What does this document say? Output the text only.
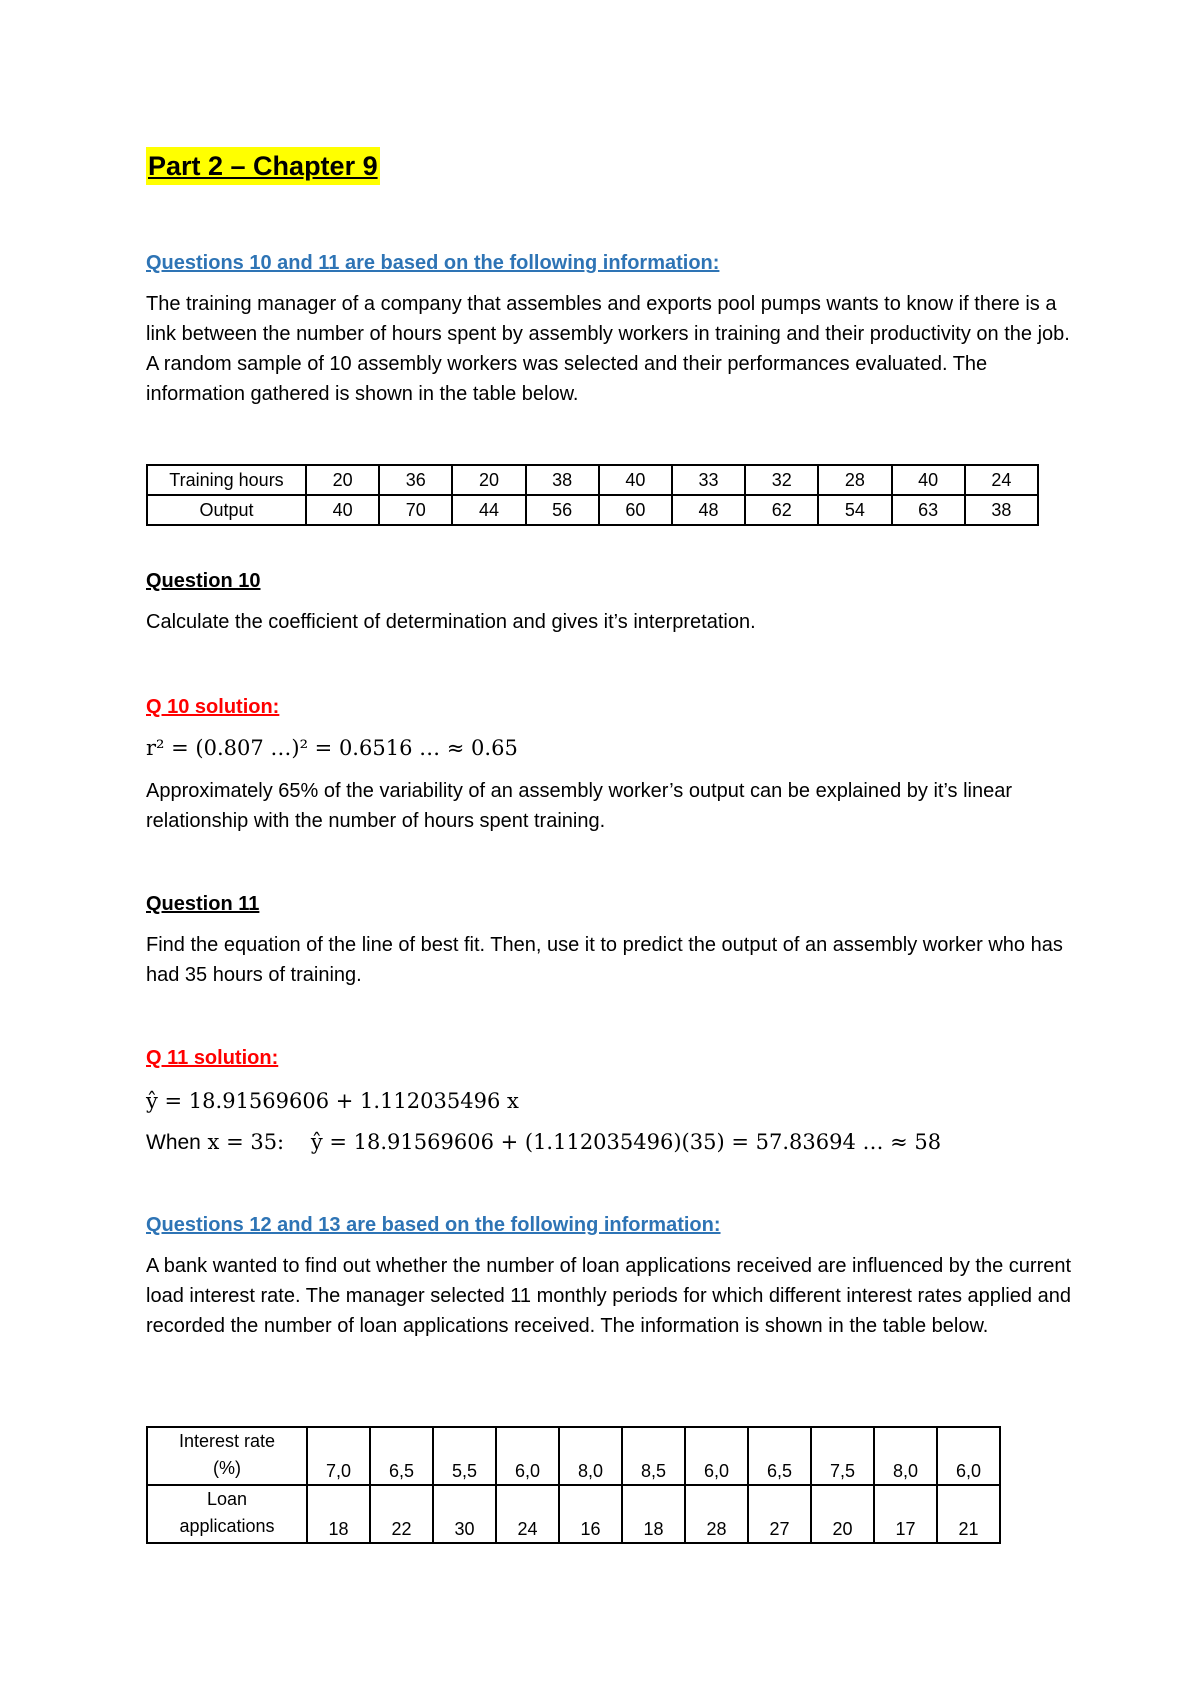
Part 2 – Chapter 9
Questions 10 and 11 are based on the following information:

The training manager of a company that assembles and exports pool pumps wants to know if there is a link between the number of hours spent by assembly workers in training and their productivity on the job. A random sample of 10 assembly workers was selected and their performances evaluated. The information gathered is shown in the table below.

Training hours	20	36	20	38	40	33	32	28	40	24
Output	40	70	44	56	60	48	62	54	63	38
Question 10

Calculate the coefficient of determination and gives it’s interpretation.

Q 10 solution:
r² = (0.807 …)² = 0.6516 … ≈ 0.65

Approximately 65% of the variability of an assembly worker’s output can be explained by it’s linear relationship with the number of hours spent training.

Question 11

Find the equation of the line of best fit. Then, use it to predict the output of an assembly worker who has had 35 hours of training.

Q 11 solution:
ŷ = 18.91569606 + 1.112035496 x
When x = 35:    ŷ = 18.91569606 + (1.112035496)(35) = 57.83694 … ≈ 58
Questions 12 and 13 are based on the following information:

A bank wanted to find out whether the number of loan applications received are influenced by the current load interest rate. The manager selected 11 monthly periods for which different interest rates applied and recorded the number of loan applications received. The information is shown in the table below.

Interest rate
(%)	7,0	6,5	5,5	6,0	8,0	8,5	6,0	6,5	7,5	8,0	6,0
Loan
applications	18	22	30	24	16	18	28	27	20	17	21
